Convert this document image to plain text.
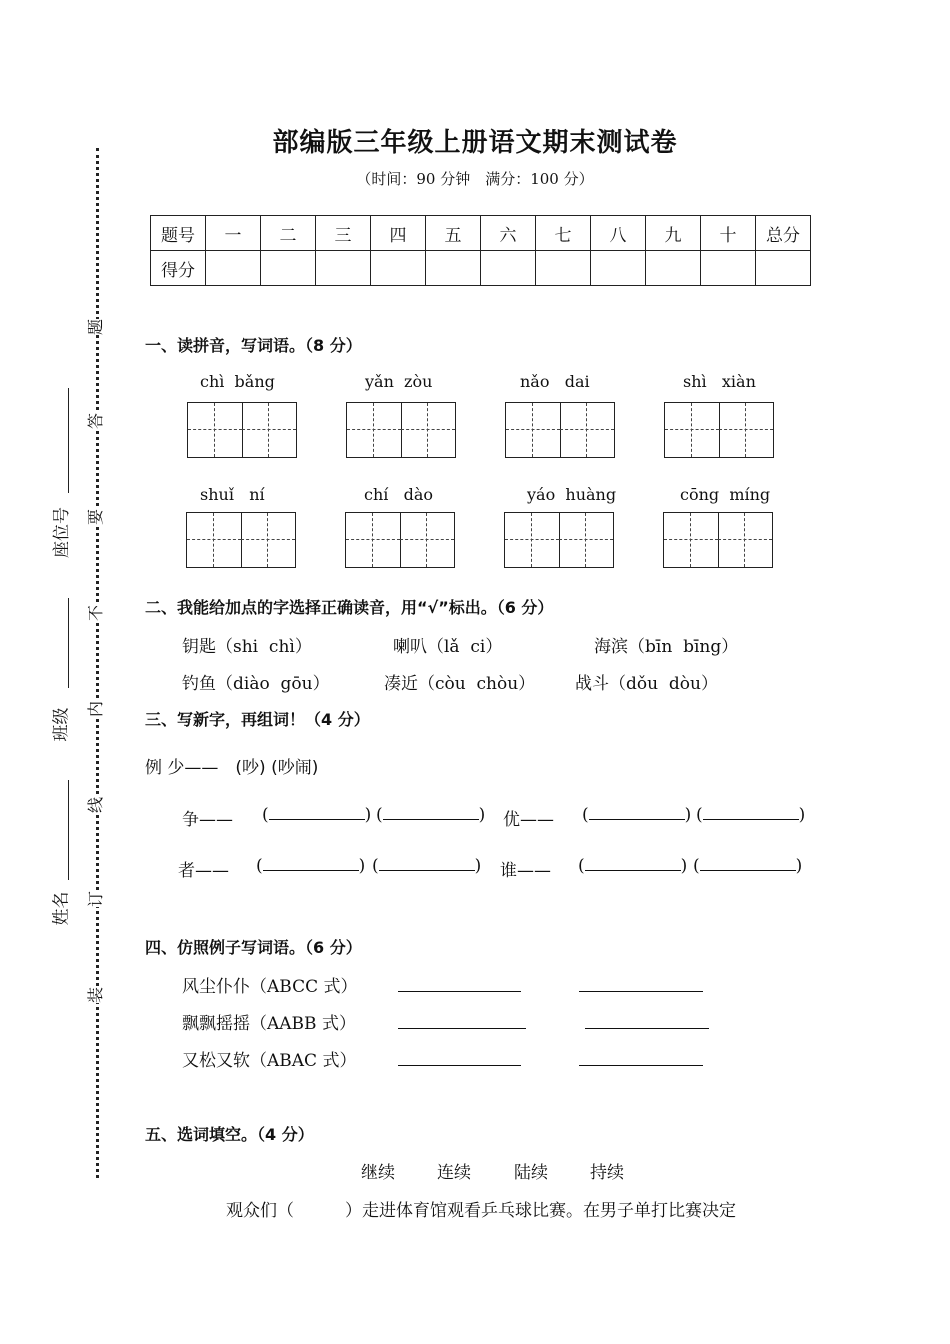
题
答
要
不
内
线
订
装
座位号
班级
姓名
部编版三年级上册语文期末测试卷
（时间：90 分钟　满分：100 分）
题号	一	二	三	四	五	六	七	八	九	十	总分
得分											
一、读拼音，写词语。（8 分）
chì  bǎng	yǎn  zòu	nǎo   dai	shì   xiàn
shuǐ   ní	chí   dào	yáo  huàng	cōng  míng
二、我能给加点的字选择正确读音，用“√”标出。（6 分）
钥匙（shi  chì）	喇叭（lǎ  ci）	海滨（bīn  bīng）
钓鱼（diào  gōu）	凑近（còu  chòu） 战斗（dǒu  dòu）
三、写新字，再组词！（4 分）
例 少——　(吵) (吵闹)
争—— (	) (	) 优—— (	) (	)
者—— (	) (	) 谁—— (	) (	)
四、仿照例子写词语。（6 分）
风尘仆仆（ABCC 式）
飘飘摇摇（AABB 式）
又松又软（ABAC 式）
五、选词填空。（4 分）
继续 连续	陆续 持续
观众们（　　　）走进体育馆观看乒乓球比赛。在男子单打比赛决定
